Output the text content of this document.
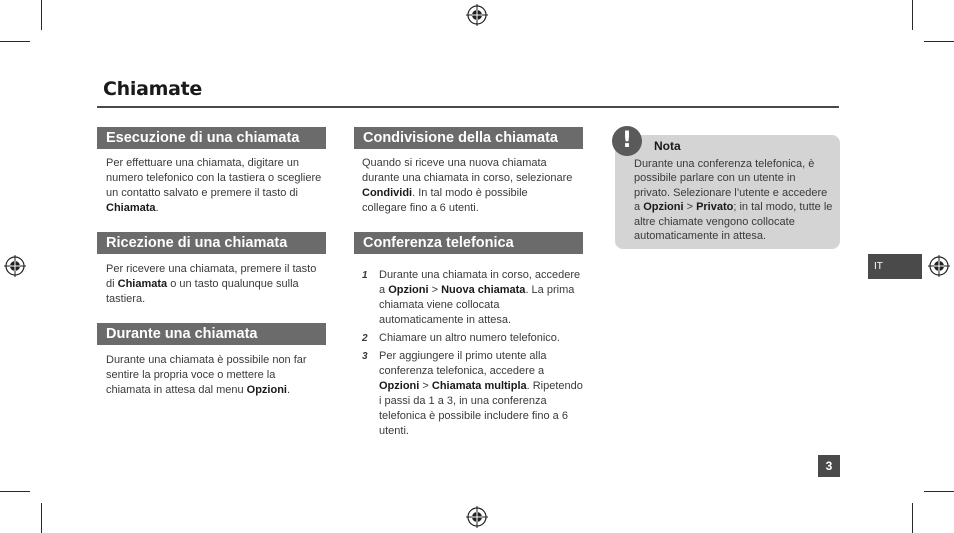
Chiamate
Esecuzione di una chiamata
Per effettuare una chiamata, digitare un numero telefonico con la tastiera o scegliere un contatto salvato e premere il tasto di Chiamata.
Ricezione di una chiamata
Per ricevere una chiamata, premere il tasto di Chiamata o un tasto qualunque sulla tastiera.
Durante una chiamata
Durante una chiamata è possibile non far sentire la propria voce o mettere la chiamata in attesa dal menu Opzioni.
Condivisione della chiamata
Quando si riceve una nuova chiamata durante una chiamata in corso, selezionare Condividi. In tal modo è possibile collegare fino a 6 utenti.
Conferenza telefonica
1 Durante una chiamata in corso, accedere a Opzioni > Nuova chiamata. La prima chiamata viene collocata automaticamente in attesa.
2 Chiamare un altro numero telefonico.
3 Per aggiungere il primo utente alla conferenza telefonica, accedere a Opzioni > Chiamata multipla. Ripetendo i passi da 1 a 3, in una conferenza telefonica è possibile includere fino a 6 utenti.
!	Nota
Durante una conferenza telefonica, è possibile parlare con un utente in privato. Selezionare l’utente e accedere a Opzioni > Privato; in tal modo, tutte le altre chiamate vengono collocate automaticamente in attesa.
IT
3
